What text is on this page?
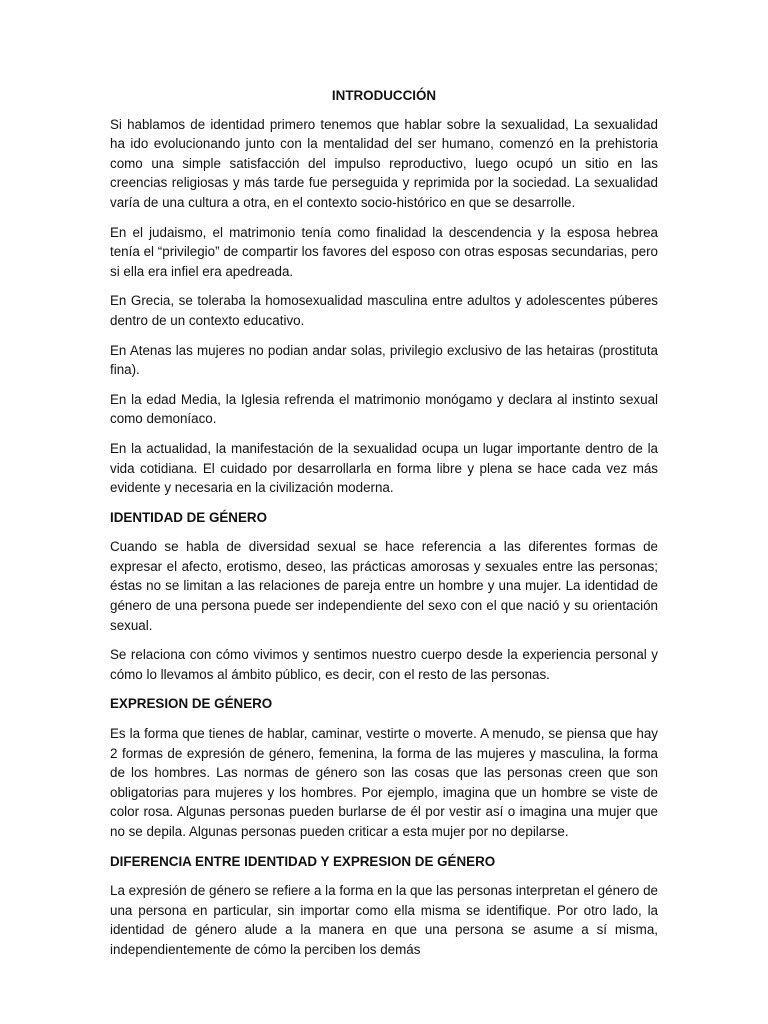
INTRODUCCIÓN

Si hablamos de identidad primero tenemos que hablar sobre la sexualidad, La sexualidad ha ido evolucionando junto con la mentalidad del ser humano, comenzó en la prehistoria como una simple satisfacción del impulso reproductivo, luego ocupó un sitio en las creencias religiosas y más tarde fue perseguida y reprimida por la sociedad. La sexualidad varía de una cultura a otra, en el contexto socio-histórico en que se desarrolle.

En el judaismo, el matrimonio tenía como finalidad la descendencia y la esposa hebrea tenía el “privilegio” de compartir los favores del esposo con otras esposas secundarias, pero si ella era infiel era apedreada.

En Grecia, se toleraba la homosexualidad masculina entre adultos y adolescentes púberes dentro de un contexto educativo.

En Atenas las mujeres no podian andar solas, privilegio exclusivo de las hetairas (prostituta fina).

En la edad Media, la Iglesia refrenda el matrimonio monógamo y declara al instinto sexual como demoníaco.

En la actualidad, la manifestación de la sexualidad ocupa un lugar importante dentro de la vida cotidiana. El cuidado por desarrollarla en forma libre y plena se hace cada vez más evidente y necesaria en la civilización moderna.

IDENTIDAD DE GÉNERO

Cuando se habla de diversidad sexual se hace referencia a las diferentes formas de expresar el afecto, erotismo, deseo, las prácticas amorosas y sexuales entre las personas; éstas no se limitan a las relaciones de pareja entre un hombre y una mujer. La identidad de género de una persona puede ser independiente del sexo con el que nació y su orientación sexual.

Se relaciona con cómo vivimos y sentimos nuestro cuerpo desde la experiencia personal y cómo lo llevamos al ámbito público, es decir, con el resto de las personas.

EXPRESION DE GÉNERO

Es la forma que tienes de hablar, caminar, vestirte o moverte. A menudo, se piensa que hay 2 formas de expresión de género, femenina, la forma de las mujeres y masculina, la forma de los hombres. Las normas de género son las cosas que las personas creen que son obligatorias para mujeres y los hombres. Por ejemplo, imagina que un hombre se viste de color rosa. Algunas personas pueden burlarse de él por vestir así o imagina una mujer que no se depila. Algunas personas pueden criticar a esta mujer por no depilarse.

DIFERENCIA ENTRE IDENTIDAD Y EXPRESION DE GÉNERO

La expresión de género se refiere a la forma en la que las personas interpretan el género de una persona en particular, sin importar como ella misma se identifique. Por otro lado, la identidad de género alude a la manera en que una persona se asume a sí misma, independientemente de cómo la perciben los demás
